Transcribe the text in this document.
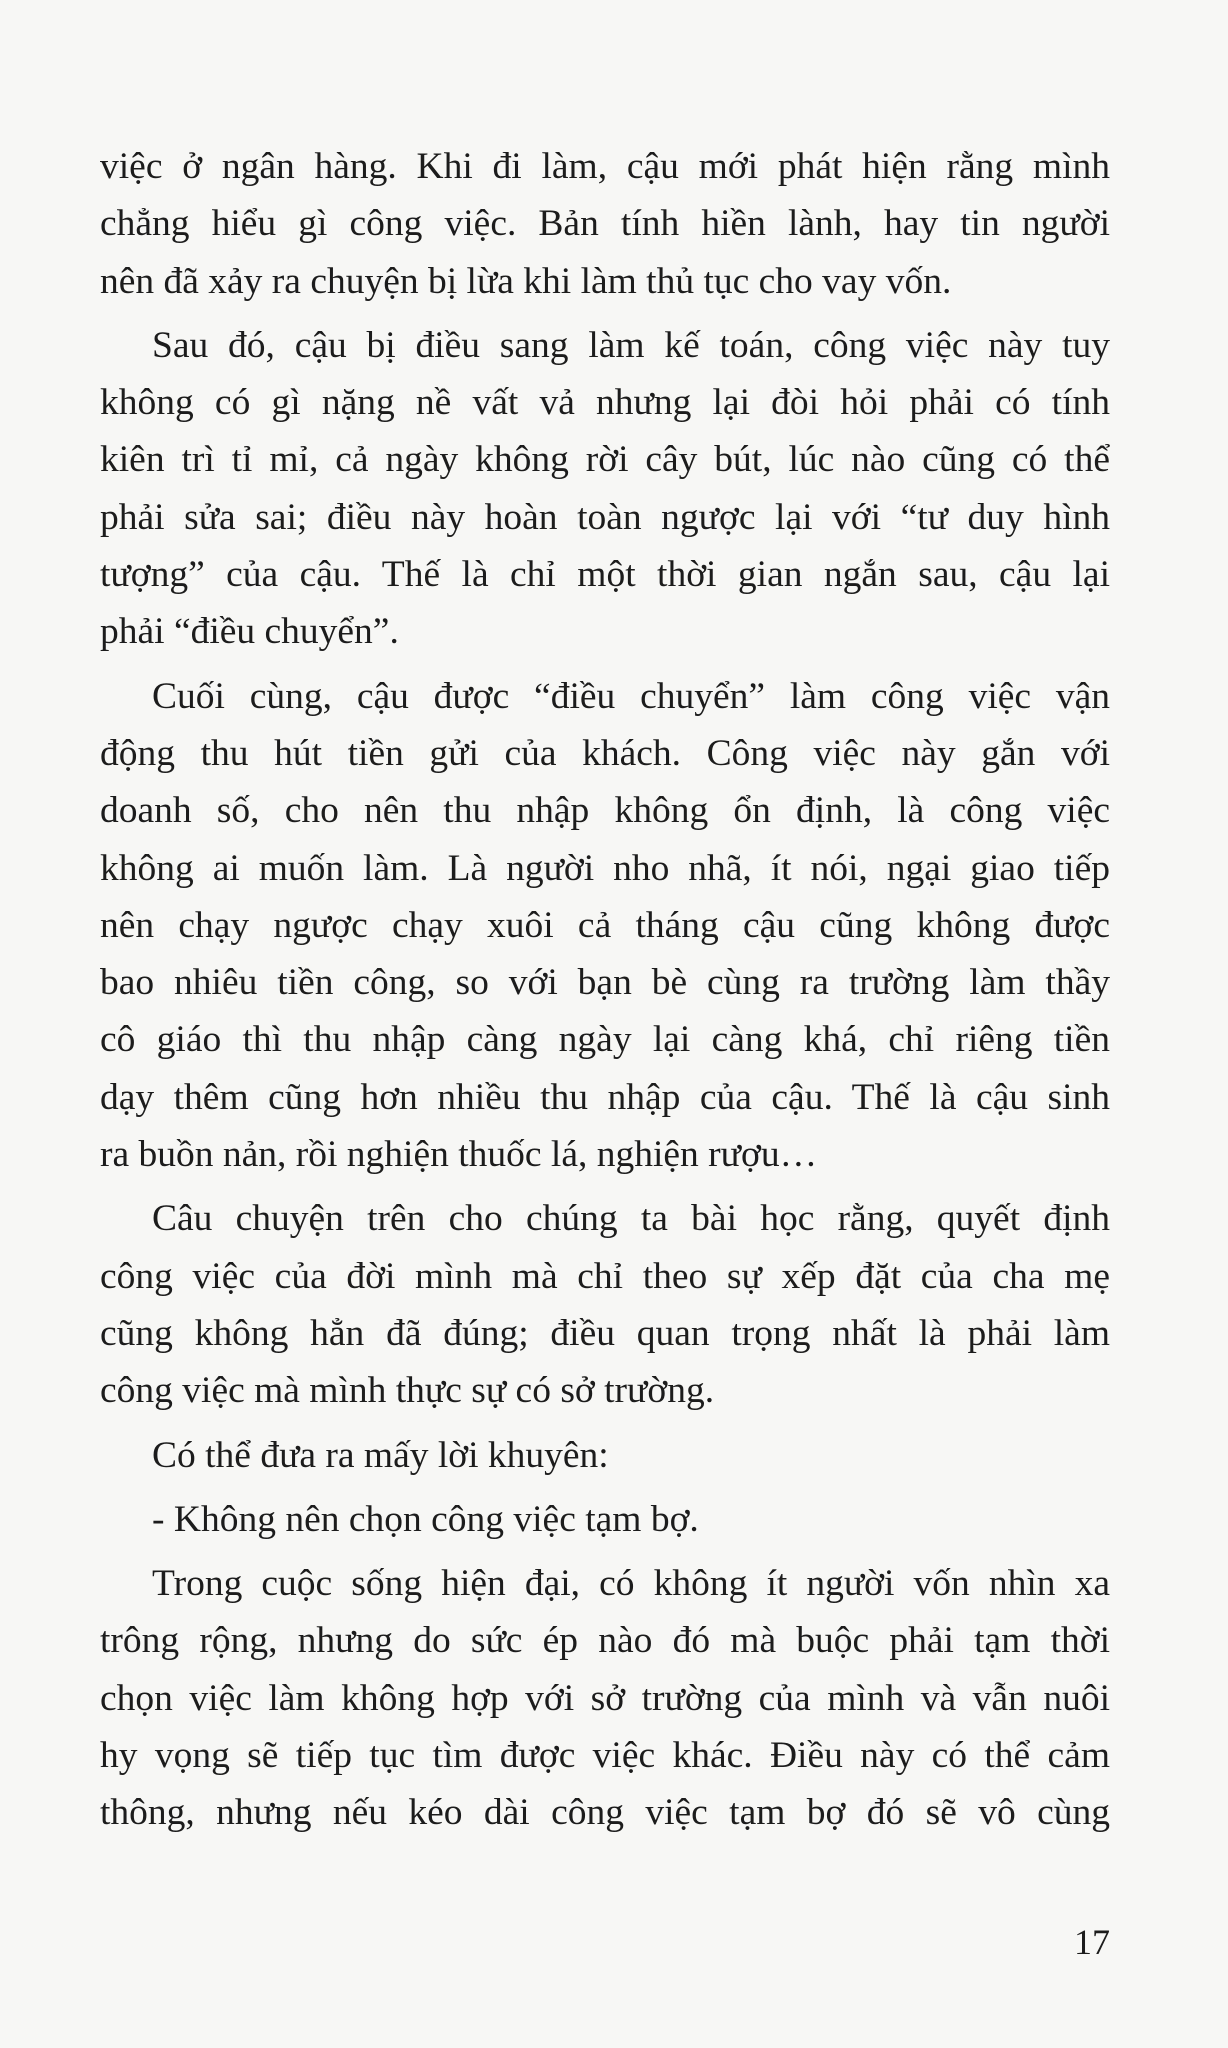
việc ở ngân hàng. Khi đi làm, cậu mới phát hiện rằng mình
chẳng hiểu gì công việc. Bản tính hiền lành, hay tin người
nên đã xảy ra chuyện bị lừa khi làm thủ tục cho vay vốn.
Sau đó, cậu bị điều sang làm kế toán, công việc này tuy
không có gì nặng nề vất vả nhưng lại đòi hỏi phải có tính
kiên trì tỉ mỉ, cả ngày không rời cây bút, lúc nào cũng có thể
phải sửa sai; điều này hoàn toàn ngược lại với “tư duy hình
tượng” của cậu. Thế là chỉ một thời gian ngắn sau, cậu lại
phải “điều chuyển”.
Cuối cùng, cậu được “điều chuyển” làm công việc vận
động thu hút tiền gửi của khách. Công việc này gắn với
doanh số, cho nên thu nhập không ổn định, là công việc
không ai muốn làm. Là người nho nhã, ít nói, ngại giao tiếp
nên chạy ngược chạy xuôi cả tháng cậu cũng không được
bao nhiêu tiền công, so với bạn bè cùng ra trường làm thầy
cô giáo thì thu nhập càng ngày lại càng khá, chỉ riêng tiền
dạy thêm cũng hơn nhiều thu nhập của cậu. Thế là cậu sinh
ra buồn nản, rồi nghiện thuốc lá, nghiện rượu…
Câu chuyện trên cho chúng ta bài học rằng, quyết định
công việc của đời mình mà chỉ theo sự xếp đặt của cha mẹ
cũng không hẳn đã đúng; điều quan trọng nhất là phải làm
công việc mà mình thực sự có sở trường.
Có thể đưa ra mấy lời khuyên:
- Không nên chọn công việc tạm bợ.
Trong cuộc sống hiện đại, có không ít người vốn nhìn xa
trông rộng, nhưng do sức ép nào đó mà buộc phải tạm thời
chọn việc làm không hợp với sở trường của mình và vẫn nuôi
hy vọng sẽ tiếp tục tìm được việc khác. Điều này có thể cảm
thông, nhưng nếu kéo dài công việc tạm bợ đó sẽ vô cùng
17
